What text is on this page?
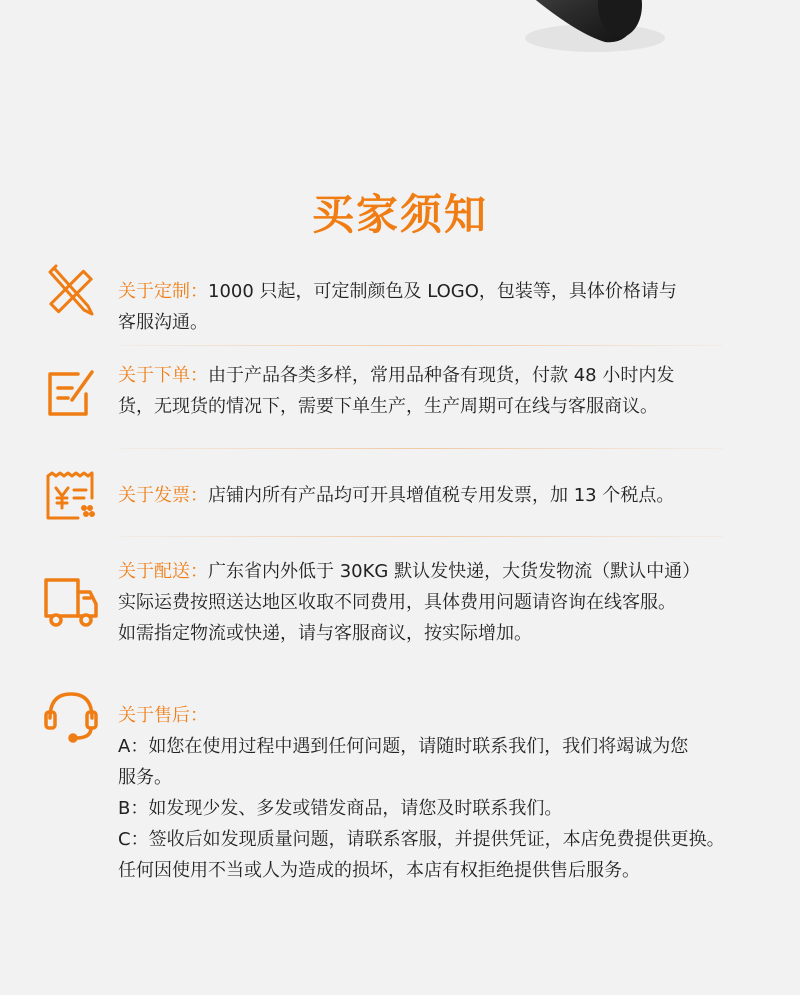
买家须知
关于定制：1000 只起，可定制颜色及 LOGO，包装等，具体价格请与
客服沟通。
关于下单：由于产品各类多样，常用品种备有现货，付款 48 小时内发
货，无现货的情况下，需要下单生产，生产周期可在线与客服商议。
关于发票：店铺内所有产品均可开具增值税专用发票，加 13 个税点。
关于配送：广东省内外低于 30KG 默认发快递，大货发物流（默认中通）
实际运费按照送达地区收取不同费用，具体费用问题请咨询在线客服。
如需指定物流或快递，请与客服商议，按实际增加。
关于售后：
A：如您在使用过程中遇到任何问题，请随时联系我们，我们将竭诚为您
服务。
B：如发现少发、多发或错发商品，请您及时联系我们。
C：签收后如发现质量问题，请联系客服，并提供凭证，本店免费提供更换。
任何因使用不当或人为造成的损坏，本店有权拒绝提供售后服务。
